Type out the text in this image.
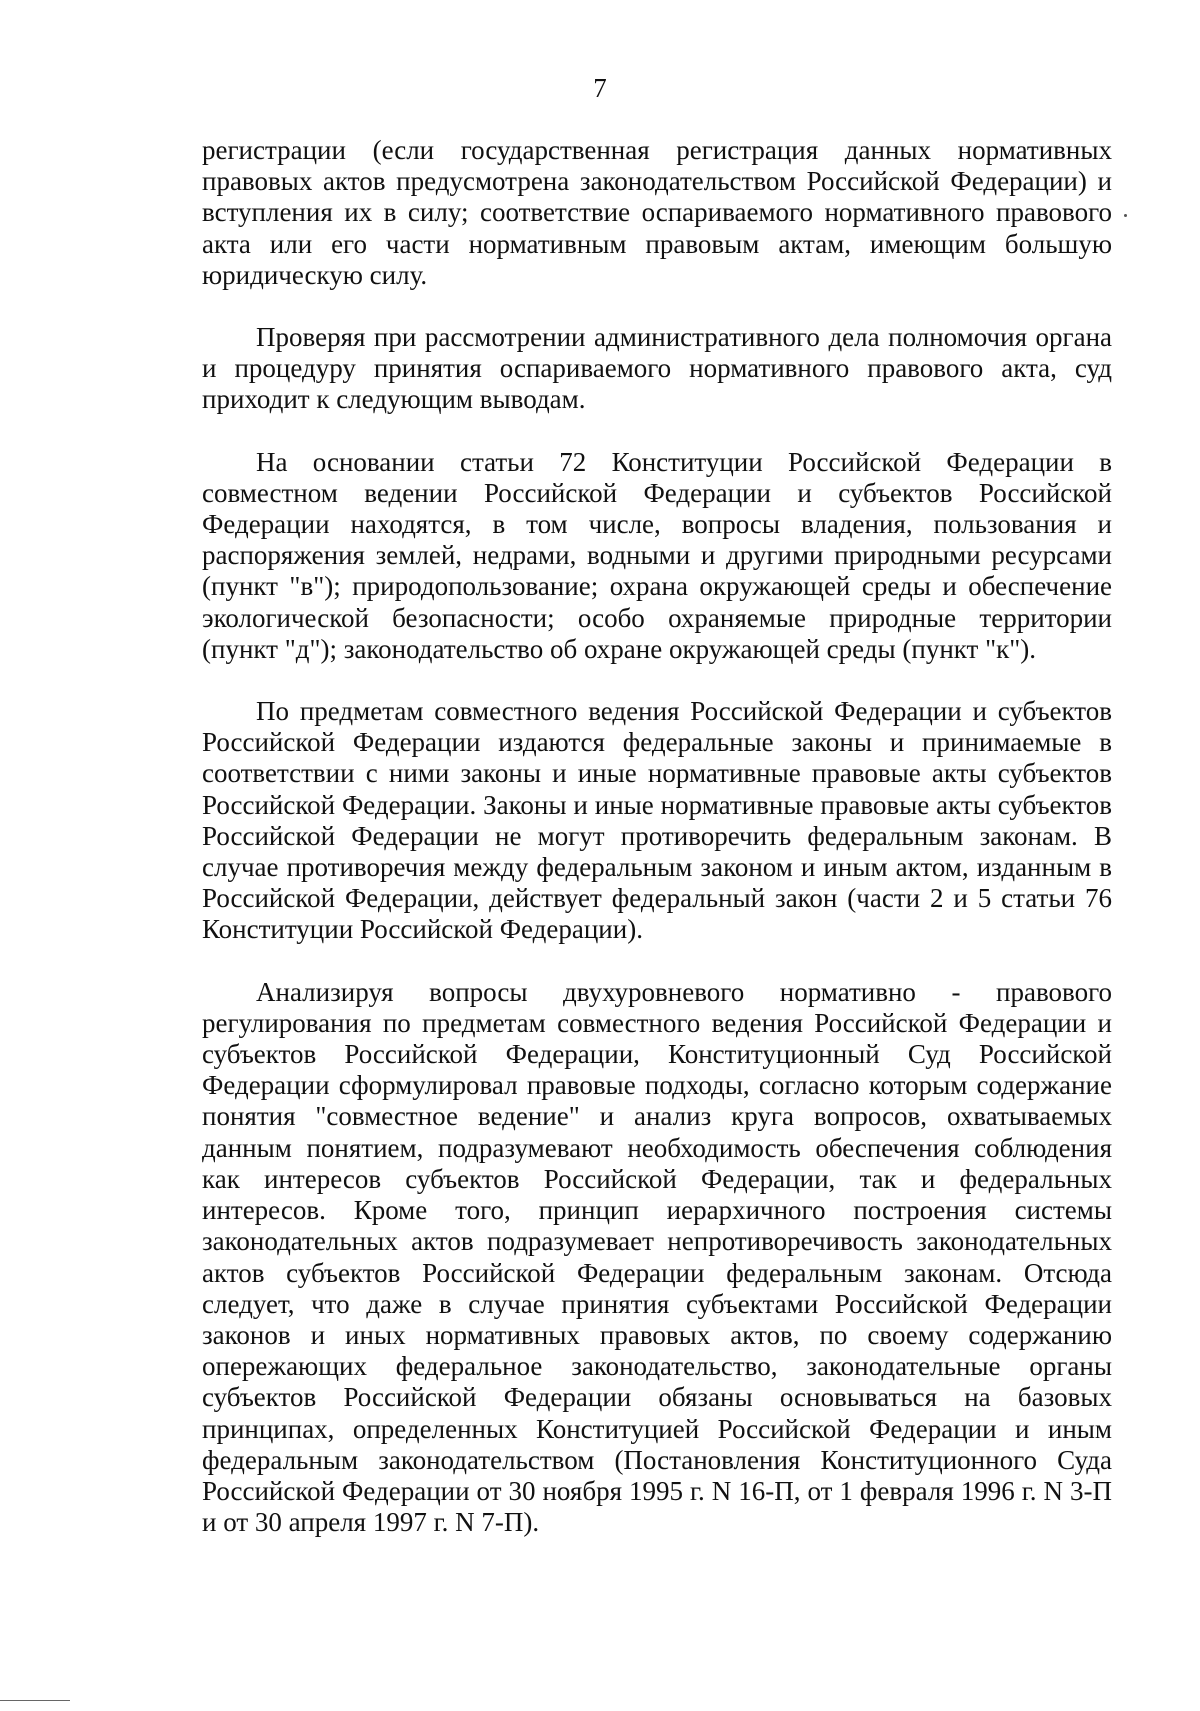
7

регистрации (если государственная регистрация данных нормативных правовых актов предусмотрена законодательством Российской Федерации) и вступления их в силу; соответствие оспариваемого нормативного правового акта или его части нормативным правовым актам, имеющим большую юридическую силу.

Проверяя при рассмотрении административного дела полномочия органа и процедуру принятия оспариваемого нормативного правового акта, суд приходит к следующим выводам.

На основании статьи 72 Конституции Российской Федерации в совместном ведении Российской Федерации и субъектов Российской Федерации находятся, в том числе, вопросы владения, пользования и распоряжения землей, недрами, водными и другими природными ресурсами (пункт "в"); природопользование; охрана окружающей среды и обеспечение экологической безопасности; особо охраняемые природные территории (пункт "д"); законодательство об охране окружающей среды (пункт "к").

По предметам совместного ведения Российской Федерации и субъектов Российской Федерации издаются федеральные законы и принимаемые в соответствии с ними законы и иные нормативные правовые акты субъектов Российской Федерации. Законы и иные нормативные правовые акты субъектов Российской Федерации не могут противоречить федеральным законам. В случае противоречия между федеральным законом и иным актом, изданным в Российской Федерации, действует федеральный закон (части 2 и 5 статьи 76 Конституции Российской Федерации).

Анализируя вопросы двухуровневого нормативно - правового регулирования по предметам совместного ведения Российской Федерации и субъектов Российской Федерации, Конституционный Суд Российской Федерации сформулировал правовые подходы, согласно которым содержание понятия "совместное ведение" и анализ круга вопросов, охватываемых данным понятием, подразумевают необходимость обеспечения соблюдения как интересов субъектов Российской Федерации, так и федеральных интересов. Кроме того, принцип иерархичного построения системы законодательных актов подразумевает непротиворечивость законодательных актов субъектов Российской Федерации федеральным законам. Отсюда следует, что даже в случае принятия субъектами Российской Федерации законов и иных нормативных правовых актов, по своему содержанию опережающих федеральное законодательство, законодательные органы субъектов Российской Федерации обязаны основываться на базовых принципах, определенных Конституцией Российской Федерации и иным федеральным законодательством (Постановления Конституционного Суда Российской Федерации от 30 ноября 1995 г. N 16-П, от 1 февраля 1996 г. N 3-П и от 30 апреля 1997 г. N 7-П).
